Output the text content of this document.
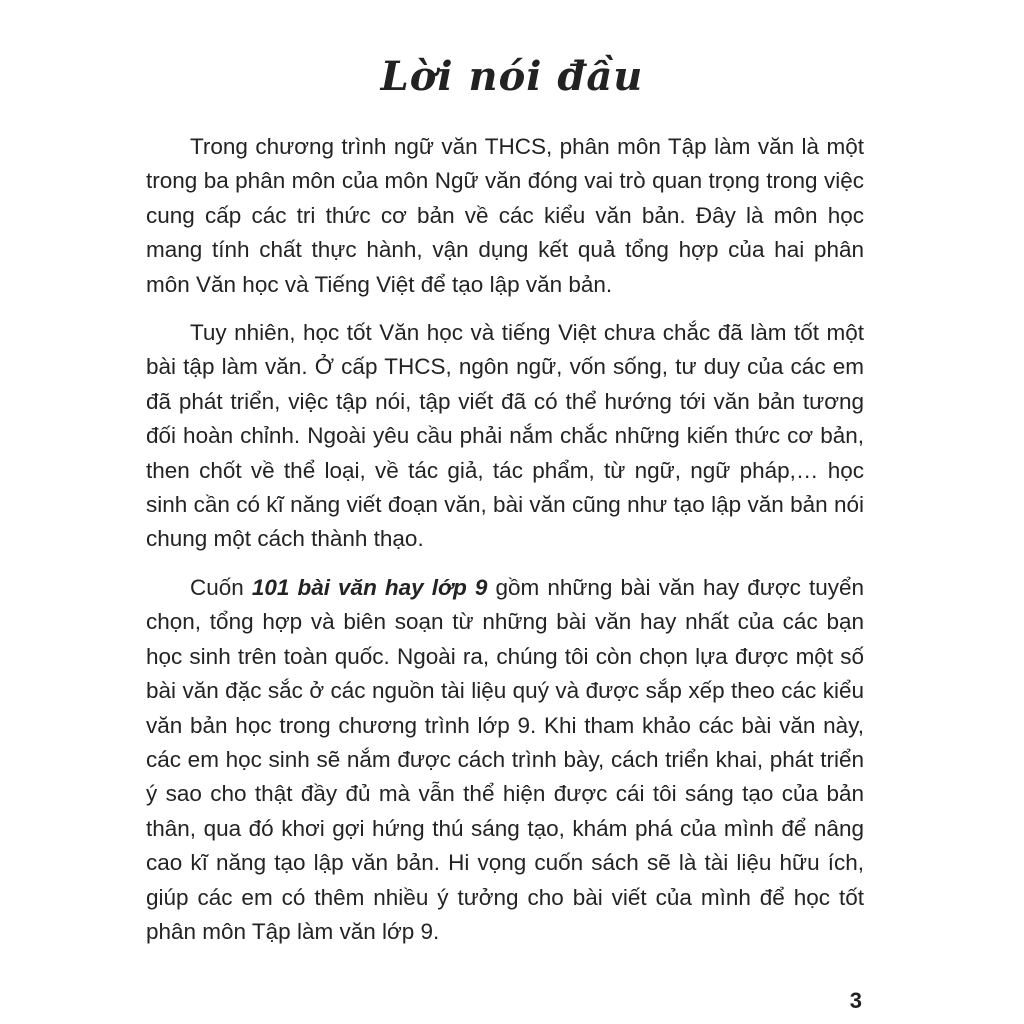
Lời nói đầu

Trong chương trình ngữ văn THCS, phân môn Tập làm văn là một trong ba phân môn của môn Ngữ văn đóng vai trò quan trọng trong việc cung cấp các tri thức cơ bản về các kiểu văn bản. Đây là môn học mang tính chất thực hành, vận dụng kết quả tổng hợp của hai phân môn Văn học và Tiếng Việt để tạo lập văn bản.

Tuy nhiên, học tốt Văn học và tiếng Việt chưa chắc đã làm tốt một bài tập làm văn. Ở cấp THCS, ngôn ngữ, vốn sống, tư duy của các em đã phát triển, việc tập nói, tập viết đã có thể hướng tới văn bản tương đối hoàn chỉnh. Ngoài yêu cầu phải nắm chắc những kiến thức cơ bản, then chốt về thể loại, về tác giả, tác phẩm, từ ngữ, ngữ pháp,… học sinh cần có kĩ năng viết đoạn văn, bài văn cũng như tạo lập văn bản nói chung một cách thành thạo.

Cuốn 101 bài văn hay lớp 9 gồm những bài văn hay được tuyển chọn, tổng hợp và biên soạn từ những bài văn hay nhất của các bạn học sinh trên toàn quốc. Ngoài ra, chúng tôi còn chọn lựa được một số bài văn đặc sắc ở các nguồn tài liệu quý và được sắp xếp theo các kiểu văn bản học trong chương trình lớp 9. Khi tham khảo các bài văn này, các em học sinh sẽ nắm được cách trình bày, cách triển khai, phát triển ý sao cho thật đầy đủ mà vẫn thể hiện được cái tôi sáng tạo của bản thân, qua đó khơi gợi hứng thú sáng tạo, khám phá của mình để nâng cao kĩ năng tạo lập văn bản. Hi vọng cuốn sách sẽ là tài liệu hữu ích, giúp các em có thêm nhiều ý tưởng cho bài viết của mình để học tốt phân môn Tập làm văn lớp 9.

3
